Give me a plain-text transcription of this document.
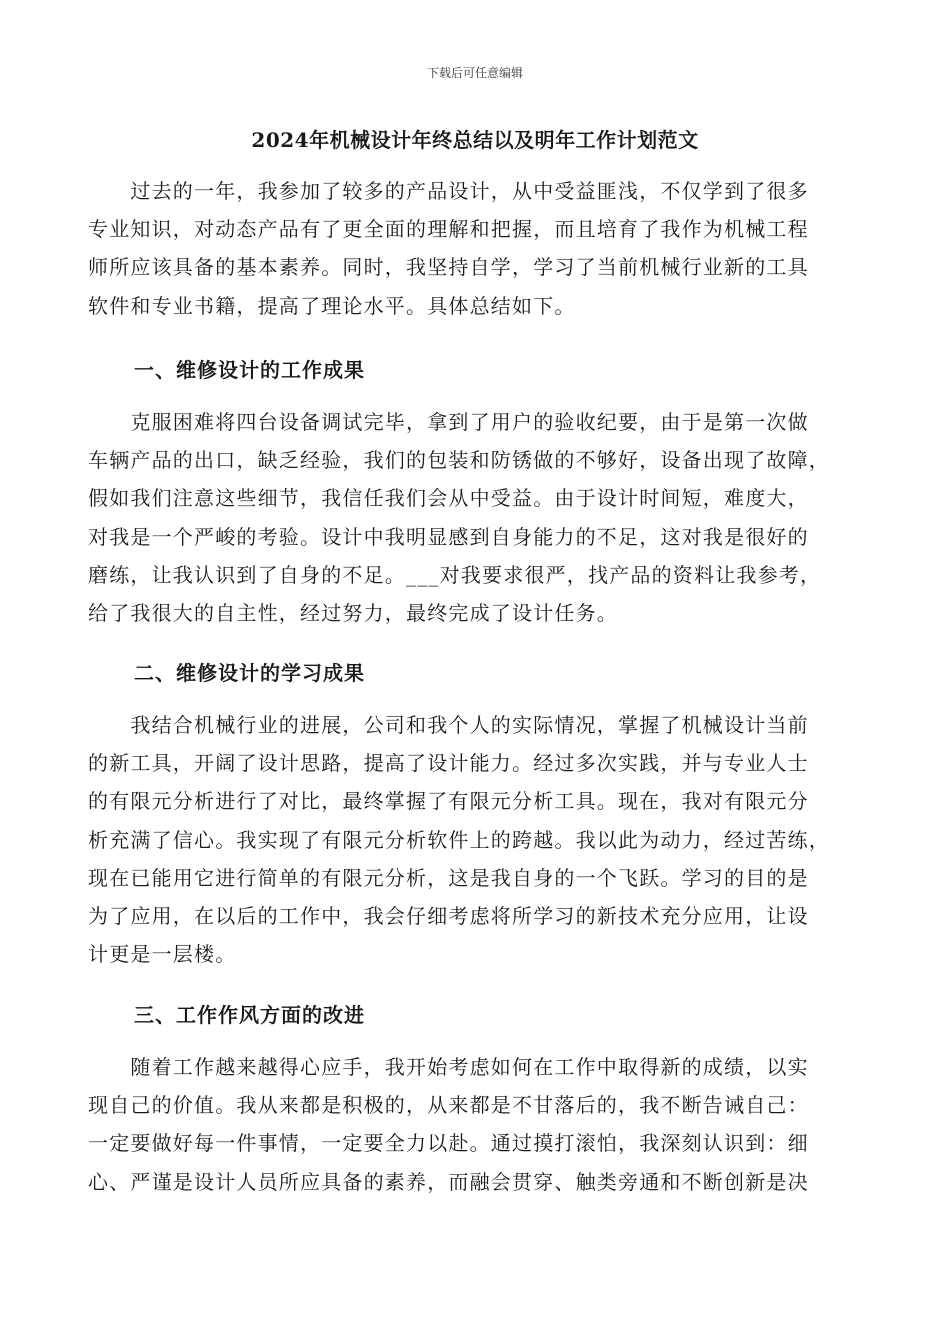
下载后可任意编辑
2024年机械设计年终总结以及明年工作计划范文
　　过去的一年，我参加了较多的产品设计，从中受益匪浅，不仅学到了很多
专业知识，对动态产品有了更全面的理解和把握，而且培育了我作为机械工程
师所应该具备的基本素养。同时，我坚持自学，学习了当前机械行业新的工具
软件和专业书籍，提高了理论水平。具体总结如下。
一、维修设计的工作成果
　　克服困难将四台设备调试完毕，拿到了用户的验收纪要，由于是第一次做
车辆产品的出口，缺乏经验，我们的包装和防锈做的不够好，设备出现了故障，
假如我们注意这些细节，我信任我们会从中受益。由于设计时间短，难度大，
对我是一个严峻的考验。设计中我明显感到自身能力的不足，这对我是很好的
磨练，让我认识到了自身的不足。___对我要求很严，找产品的资料让我参考，
给了我很大的自主性，经过努力，最终完成了设计任务。
二、维修设计的学习成果
　　我结合机械行业的进展，公司和我个人的实际情况，掌握了机械设计当前
的新工具，开阔了设计思路，提高了设计能力。经过多次实践，并与专业人士
的有限元分析进行了对比，最终掌握了有限元分析工具。现在，我对有限元分
析充满了信心。我实现了有限元分析软件上的跨越。我以此为动力，经过苦练，
现在已能用它进行简单的有限元分析，这是我自身的一个飞跃。学习的目的是
为了应用，在以后的工作中，我会仔细考虑将所学习的新技术充分应用，让设
计更是一层楼。
三、工作作风方面的改进
　　随着工作越来越得心应手，我开始考虑如何在工作中取得新的成绩，以实
现自己的价值。我从来都是积极的，从来都是不甘落后的，我不断告诫自己：
一定要做好每一件事情，一定要全力以赴。通过摸打滚怕，我深刻认识到：细
心、严谨是设计人员所应具备的素养，而融会贯穿、触类旁通和不断创新是决
